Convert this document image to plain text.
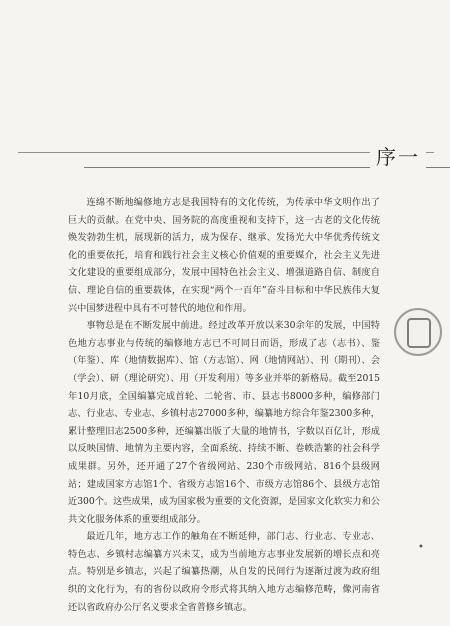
序一

连绵不断地编修地方志是我国特有的文化传统，为传承中华文明作出了巨大的贡献。在党中央、国务院的高度重视和支持下，这一古老的文化传统焕发勃勃生机，展现新的活力，成为保存、继承、发扬光大中华优秀传统文化的重要依托，培育和践行社会主义核心价值观的重要媒介，社会主义先进文化建设的重要组成部分，发展中国特色社会主义、增强道路自信、制度自信、理论自信的重要载体，在实现“两个一百年”奋斗目标和中华民族伟大复兴中国梦进程中具有不可替代的地位和作用。

事物总是在不断发展中前进。经过改革开放以来30余年的发展，中国特色地方志事业与传统的编修地方志已不可同日而语，形成了志（志书）、鉴（年鉴）、库（地情数据库）、馆（方志馆）、网（地情网站）、刊（期刊）、会（学会）、研（理论研究）、用（开发利用）等多业并举的新格局。截至2015年10月底，全国编纂完成首轮、二轮省、市、县志书8000多种，编修部门志、行业志、专业志、乡镇村志27000多种，编纂地方综合年鉴2300多种，累计整理旧志2500多种，还编纂出版了大量的地情书，字数以百亿计，形成以反映国情、地情为主要内容，全面系统、持续不断、卷帙浩繁的社会科学成果群。另外，还开通了27个省级网站、230个市级网站、816个县级网站；建成国家方志馆1个、省级方志馆16个、市级方志馆86个、县级方志馆近300个。这些成果，成为国家极为重要的文化资源，是国家文化软实力和公共文化服务体系的重要组成部分。

最近几年，地方志工作的触角在不断延伸，部门志、行业志、专业志、特色志、乡镇村志编纂方兴未艾，成为当前地方志事业发展新的增长点和亮点。特别是乡镇志，兴起了编纂热潮，从自发的民间行为逐渐过渡为政府组织的文化行为，有的省份以政府令形式将其纳入地方志编修范畴，像河南省还以省政府办公厅名义要求全省普修乡镇志。

•
